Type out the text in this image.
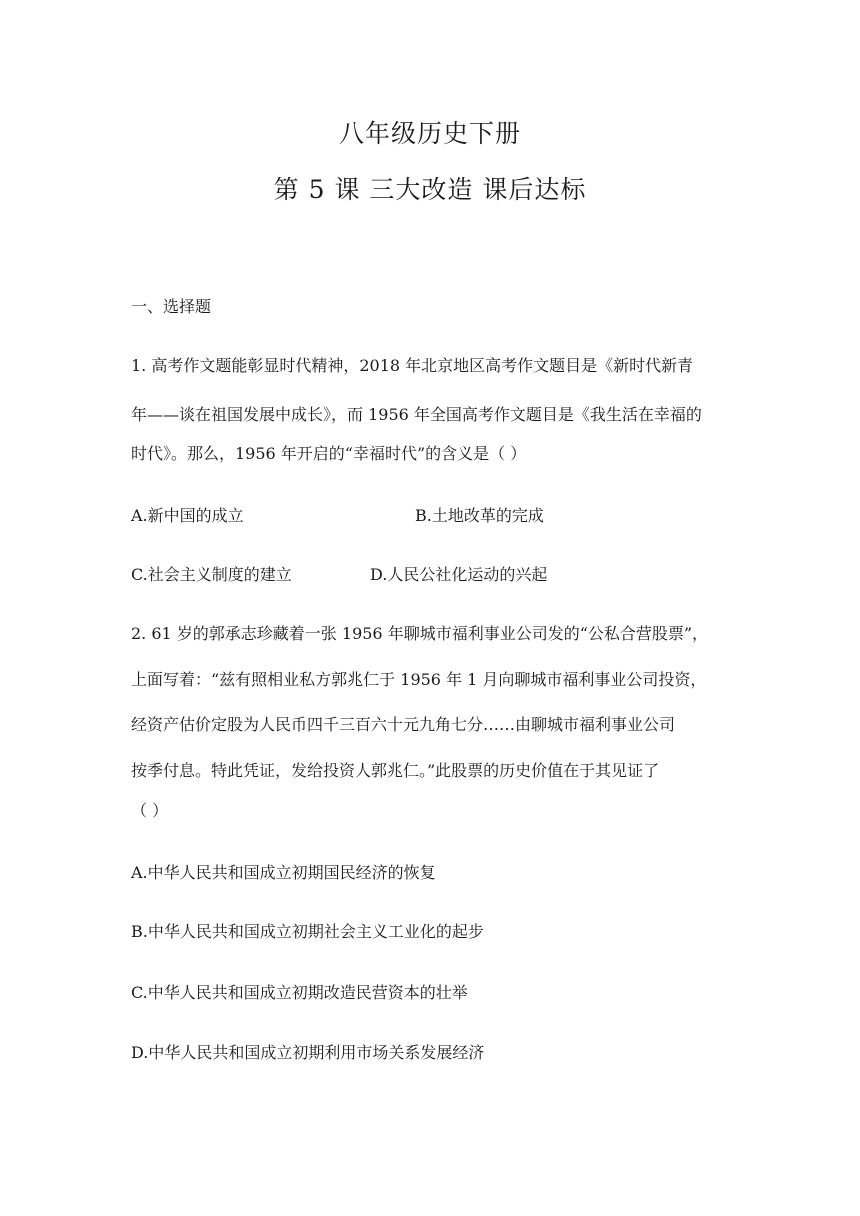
八年级历史下册
第 5 课 三大改造 课后达标
一、选择题
1. 高考作文题能彰显时代精神，2018 年北京地区高考作文题目是《新时代新青
年——谈在祖国发展中成长》，而 1956 年全国高考作文题目是《我生活在幸福的
时代》。那么，1956 年开启的“幸福时代”的含义是（ ）
A.新中国的成立	B.土地改革的完成
C.社会主义制度的建立	D.人民公社化运动的兴起
2. 61 岁的郭承志珍藏着一张 1956 年聊城市福利事业公司发的“公私合营股票”，
上面写着：“兹有照相业私方郭兆仁于 1956 年 1 月向聊城市福利事业公司投资，
经资产估价定股为人民币四千三百六十元九角七分……由聊城市福利事业公司
按季付息。特此凭证，发给投资人郭兆仁。”此股票的历史价值在于其见证了
（ ）
A.中华人民共和国成立初期国民经济的恢复
B.中华人民共和国成立初期社会主义工业化的起步
C.中华人民共和国成立初期改造民营资本的壮举
D.中华人民共和国成立初期利用市场关系发展经济
